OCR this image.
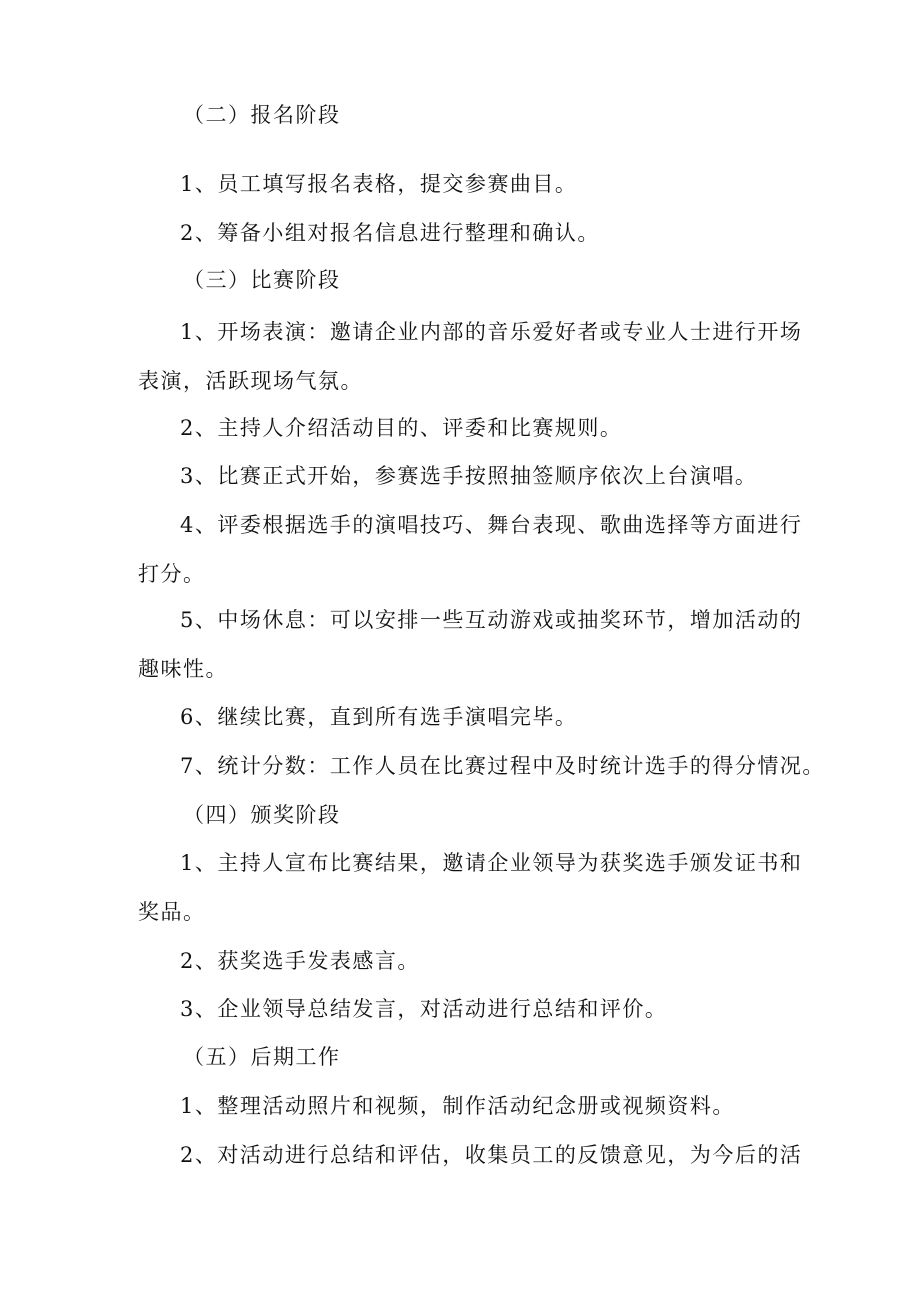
（二）报名阶段
1、员工填写报名表格，提交参赛曲目。
2、筹备小组对报名信息进行整理和确认。
（三）比赛阶段
1、开场表演：邀请企业内部的音乐爱好者或专业人士进行开场
表演，活跃现场气氛。
2、主持人介绍活动目的、评委和比赛规则。
3、比赛正式开始，参赛选手按照抽签顺序依次上台演唱。
4、评委根据选手的演唱技巧、舞台表现、歌曲选择等方面进行
打分。
5、中场休息：可以安排一些互动游戏或抽奖环节，增加活动的
趣味性。
6、继续比赛，直到所有选手演唱完毕。
7、统计分数：工作人员在比赛过程中及时统计选手的得分情况。
（四）颁奖阶段
1、主持人宣布比赛结果，邀请企业领导为获奖选手颁发证书和
奖品。
2、获奖选手发表感言。
3、企业领导总结发言，对活动进行总结和评价。
（五）后期工作
1、整理活动照片和视频，制作活动纪念册或视频资料。
2、对活动进行总结和评估，收集员工的反馈意见，为今后的活
